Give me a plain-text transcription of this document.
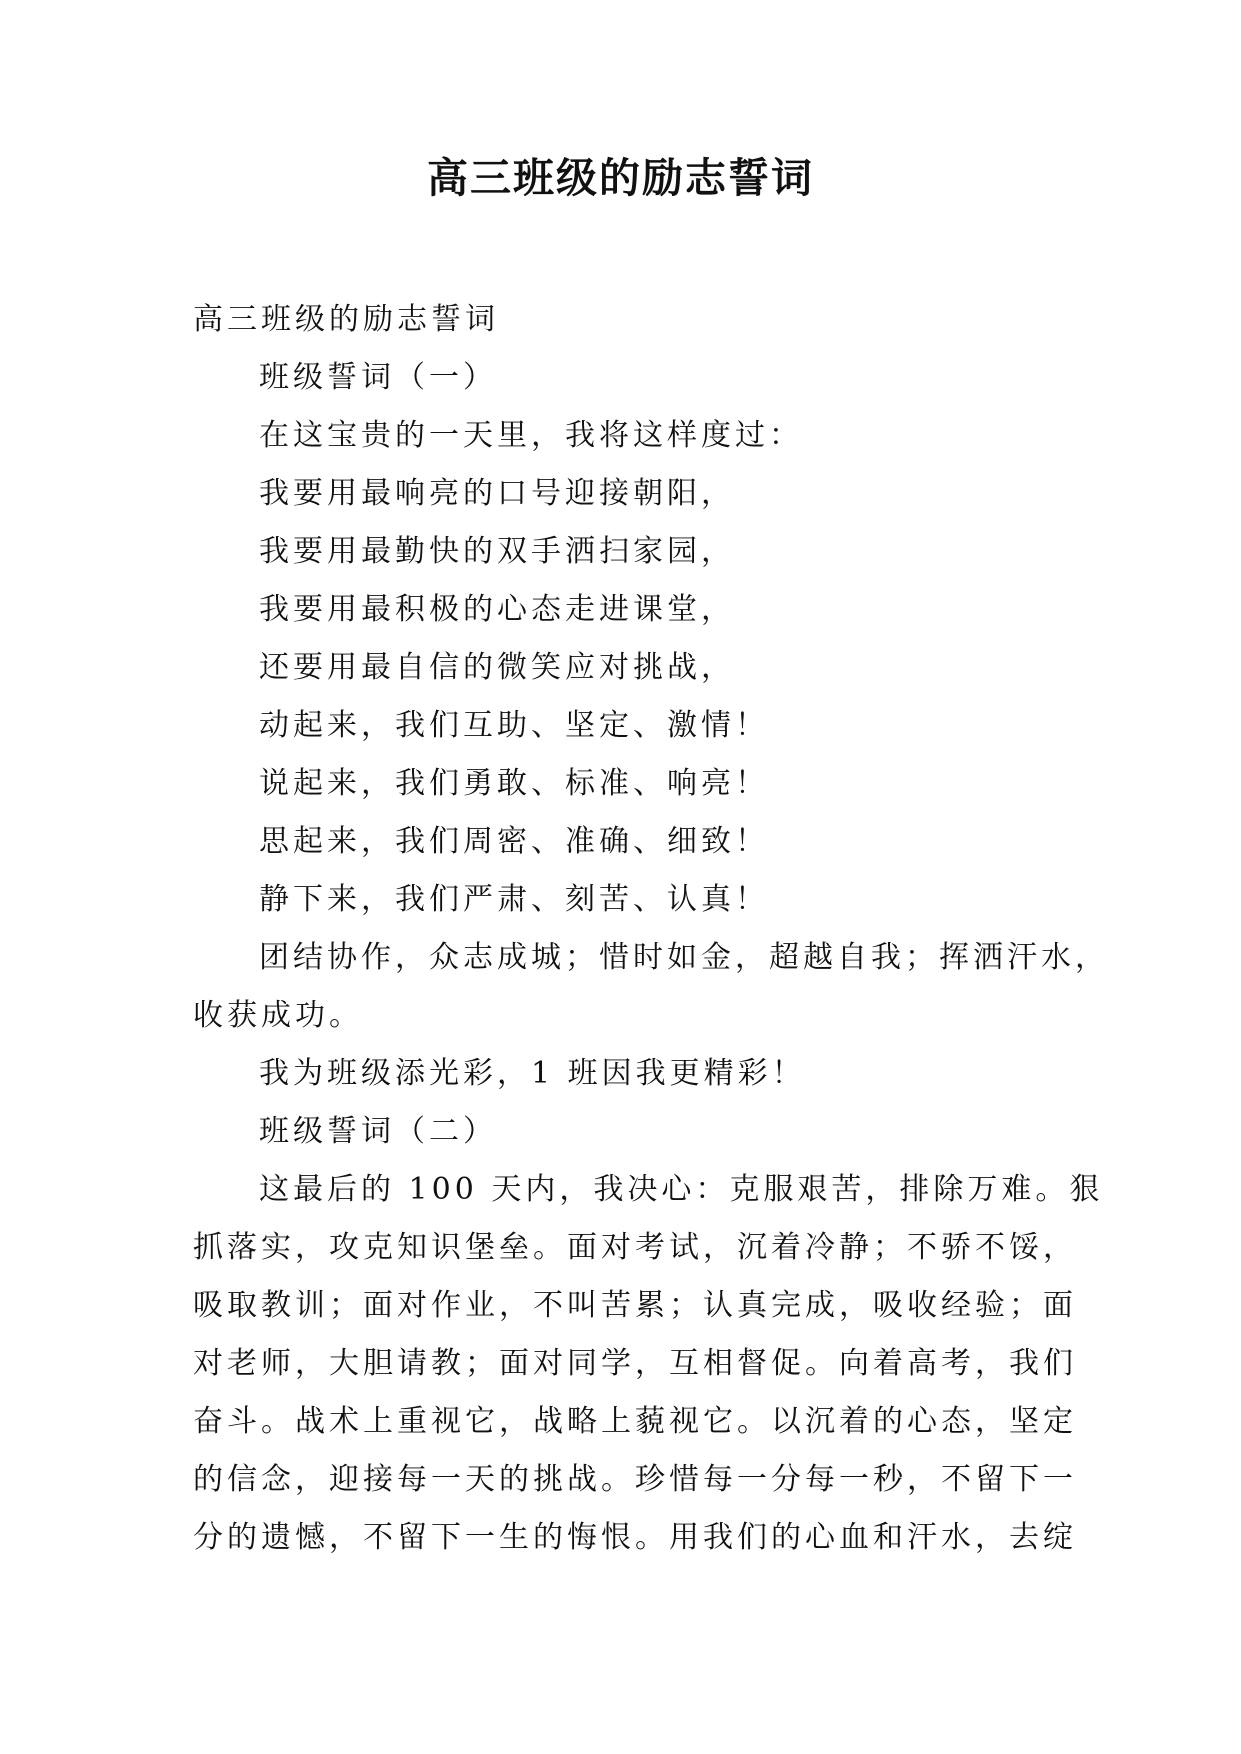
高三班级的励志誓词

高三班级的励志誓词

班级誓词（一）

在这宝贵的一天里，我将这样度过：

我要用最响亮的口号迎接朝阳，

我要用最勤快的双手洒扫家园，

我要用最积极的心态走进课堂，

还要用最自信的微笑应对挑战，

动起来，我们互助、坚定、激情！

说起来，我们勇敢、标准、响亮！

思起来，我们周密、准确、细致！

静下来，我们严肃、刻苦、认真！

团结协作，众志成城；惜时如金，超越自我；挥洒汗水，

收获成功。

我为班级添光彩，1 班因我更精彩！

班级誓词（二）

这最后的 100 天内，我决心：克服艰苦，排除万难。狠

抓落实，攻克知识堡垒。面对考试，沉着冷静；不骄不馁，

吸取教训；面对作业，不叫苦累；认真完成，吸收经验；面

对老师，大胆请教；面对同学，互相督促。向着高考，我们

奋斗。战术上重视它，战略上藐视它。以沉着的心态，坚定

的信念，迎接每一天的挑战。珍惜每一分每一秒，不留下一

分的遗憾，不留下一生的悔恨。用我们的心血和汗水，去绽
